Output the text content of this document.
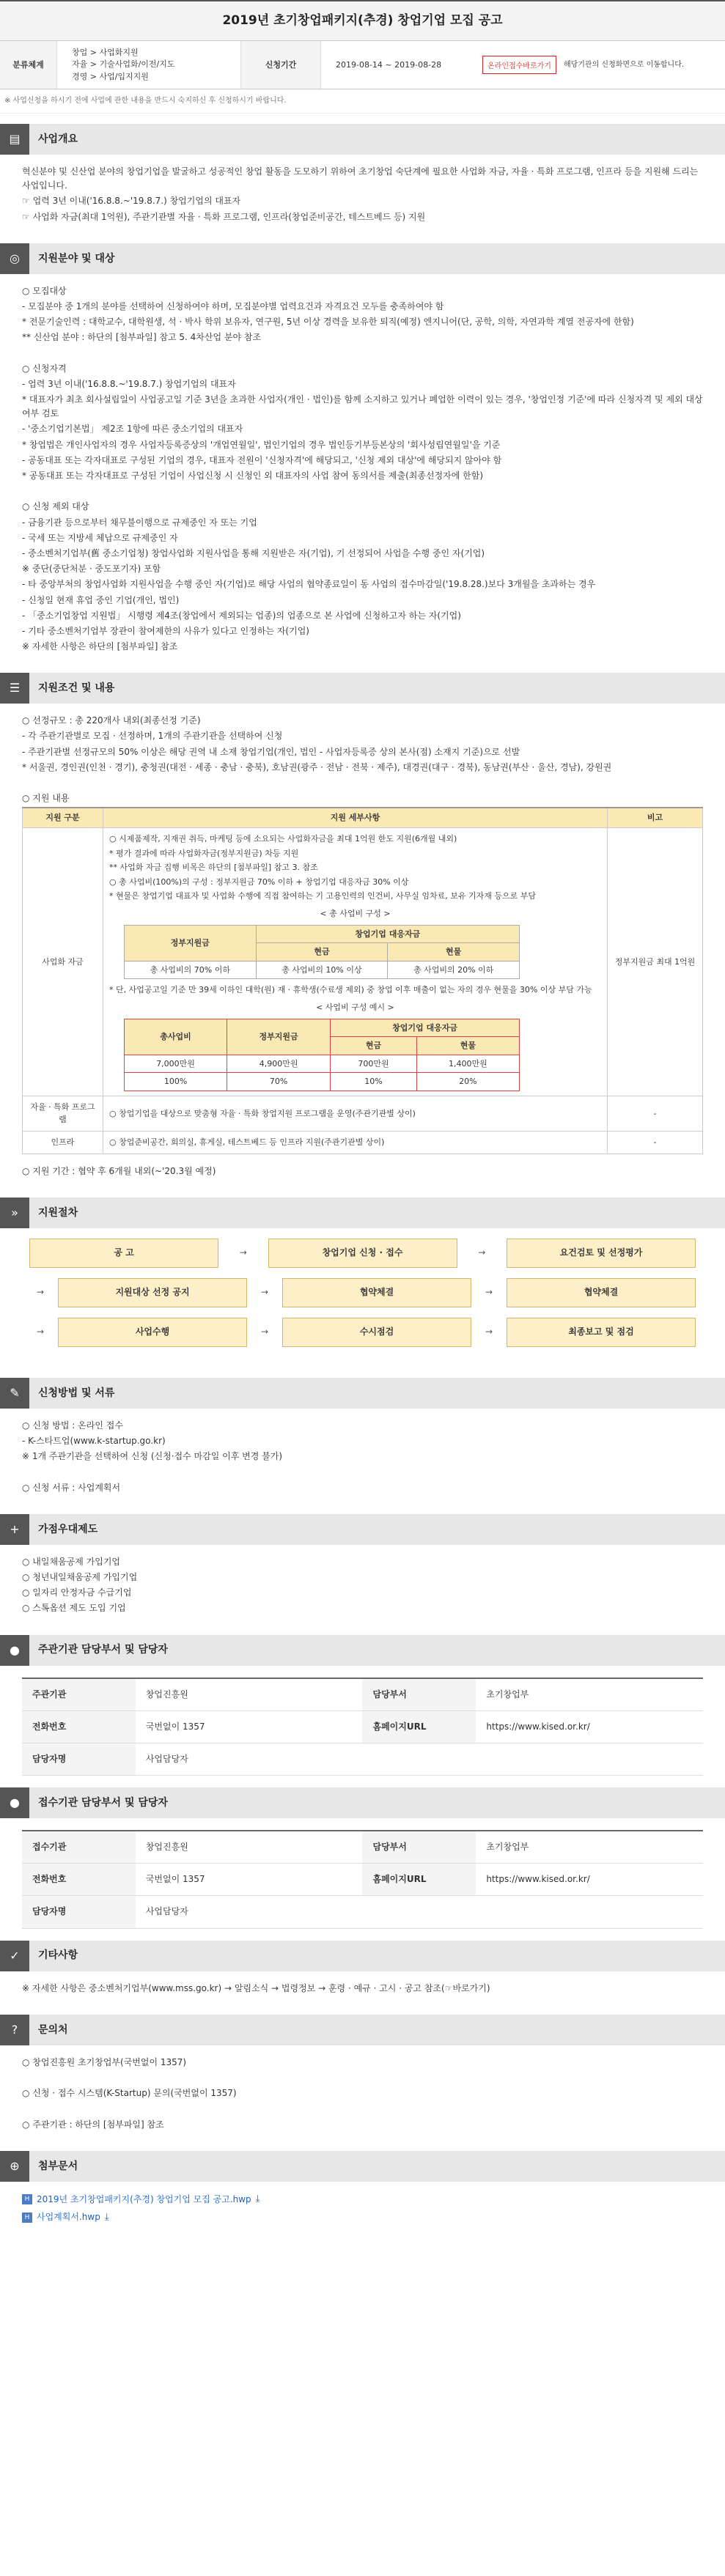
2019년 초기창업패키지(추경) 창업기업 모집 공고
분류체계
창업 > 사업화지원
자율 > 기술사업화/이전/지도
경영 > 사업/입지지원
신청기간	2019-08-14 ~ 2019-08-28	온라인접수바로가기	해당기관의 신청화면으로 이동합니다.
※ 사업신청을 하시기 전에 사업에 관한 내용을 반드시 숙지하신 후 신청하시기 바랍니다.
▤	사업개요

혁신분야 및 신산업 분야의 창업기업을 발굴하고 성공적인 창업 활동을 도모하기 위하여 초기창업 숙단계에 필요한 사업화 자금, 자율 · 특화 프로그램, 인프라 등을 지원해 드리는 사업입니다.

☞ 업력 3년 이내('16.8.8.~'19.8.7.) 창업기업의 대표자

☞ 사업화 자금(최대 1억원), 주관기관별 자율 · 특화 프로그램, 인프라(창업준비공간, 테스트베드 등) 지원

◎	지원분야 및 대상

○ 모집대상

- 모집분야 중 1개의 분야를 선택하여 신청하여야 하며, 모집분야별 업력요건과 자격요건 모두를 충족하여야 함

* 전문기술인력 : 대학교수, 대학원생, 석 · 박사 학위 보유자, 연구원, 5년 이상 경력을 보유한 퇴직(예정) 엔지니어(단, 공학, 의학, 자연과학 계열 전공자에 한함)

** 신산업 분야 : 하단의 [첨부파일] 참고 5. 4차산업 분야 참조

○ 신청자격

- 업력 3년 이내('16.8.8.~'19.8.7.) 창업기업의 대표자

* 대표자가 최초 회사설립일이 사업공고일 기준 3년을 초과한 사업자(개인 · 법인)를 함께 소지하고 있거나 폐업한 이력이 있는 경우, '창업인정 기준'에 따라 신청자격 및 제외 대상 여부 검토

- '중소기업기본법」 제2조 1항에 따른 중소기업의 대표자

* 창업법은 개인사업자의 경우 사업자등록증상의 '개업연월일', 법인기업의 경우 법인등기부등본상의 '회사성립연월일'을 기준

- 공동대표 또는 각자대표로 구성된 기업의 경우, 대표자 전원이 '신청자격'에 해당되고, '신청 제외 대상'에 해당되지 않아야 함

* 공동대표 또는 각자대표로 구성된 기업이 사업신청 시 신청인 외 대표자의 사업 참여 동의서를 제출(최종선정자에 한함)

○ 신청 제외 대상

- 금융기관 등으로부터 채무불이행으로 규제중인 자 또는 기업

- 국세 또는 지방세 체납으로 규제중인 자

- 중소벤처기업부(舊 중소기업청) 창업사업화 지원사업을 통해 지원받은 자(기업), 기 선정되어 사업을 수행 중인 자(기업)

※ 중단(중단처분 · 중도포기자) 포함

- 타 중앙부처의 창업사업화 지원사업을 수행 중인 자(기업)로 해당 사업의 협약종료일이 동 사업의 접수마감일('19.8.28.)보다 3개월을 초과하는 경우

- 신청일 현재 휴업 중인 기업(개인, 법인)

- 「중소기업창업 지원법」 시행령 제4조(창업에서 제외되는 업종)의 업종으로 본 사업에 신청하고자 하는 자(기업)

- 기타 중소벤처기업부 장관이 참여제한의 사유가 있다고 인정하는 자(기업)

※ 자세한 사항은 하단의 [첨부파일] 참조

☰	지원조건 및 내용

○ 선정규모 : 총 220개사 내외(최종선정 기준)

- 각 주관기관별로 모집 · 선정하며, 1개의 주관기관을 선택하여 신청

- 주관기관별 선정규모의 50% 이상은 해당 권역 내 소재 창업기업(개인, 법인 - 사업자등록증 상의 본사(점) 소재지 기준)으로 선발

* 서울권, 경인권(인천 · 경기), 충청권(대전 · 세종 · 충남 · 충북), 호남권(광주 · 전남 · 전북 · 제주), 대경권(대구 · 경북), 동남권(부산 · 울산, 경남), 강원권

○ 지원 내용

지원 구분	지원 세부사항	비고
사업화 자금	

○ 시제품제작, 지재권 취득, 마케팅 등에 소요되는 사업화자금을 최대 1억원 한도 지원(6개월 내외)

* 평가 결과에 따라 사업화자금(정부지원금) 차등 지원

** 사업화 자금 집행 비목은 하단의 [첨부파일] 참고 3. 참조

○ 총 사업비(100%)의 구성 : 정부지원금 70% 이하 + 창업기업 대응자금 30% 이상

* 현물은 창업기업 대표자 및 사업화 수행에 직접 참여하는 기 고용인력의 인건비, 사무실 임차료, 보유 기자재 등으로 부담

< 총 사업비 구성 >
정부지원금	창업기업 대응자금
현금	현물
총 사업비의 70% 이하	총 사업비의 10% 이상	총 사업비의 20% 이하
* 단, 사업공고일 기준 만 39세 이하인 대학(원) 재 · 휴학생(수료생 제외) 중 창업 이후 매출이 없는 자의 경우 현물을 30% 이상 부담 가능
< 사업비 구성 예시 >
총사업비	정부지원금	창업기업 대응자금
현금	현물
7,000만원	4,900만원	700만원	1,400만원
100%	70%	10%	20%
	정부지원금 최대 1억원
자율 · 특화 프로그램	○ 창업기업을 대상으로 맞춤형 자율 · 특화 창업지원 프로그램을 운영(주관기관별 상이)	-
인프라	○ 창업준비공간, 회의실, 휴게실, 테스트베드 등 인프라 지원(주관기관별 상이)	-

○ 지원 기간 : 협약 후 6개월 내외(~'20.3월 예정)

»	지원절차
공 고	→	창업기업 신청 · 접수	→	요건검토 및 선정평가
→	지원대상 선정 공지	→	협약체결	→	협약체결
→	사업수행	→	수시점검	→	최종보고 및 점검
✎	신청방법 및 서류

○ 신청 방법 : 온라인 접수

- K-스타트업(www.k-startup.go.kr)

※ 1개 주관기관을 선택하여 신청 (신청·접수 마감일 이후 변경 불가)

○ 신청 서류 : 사업계획서

+	가점우대제도

○ 내일채움공제 가입기업

○ 청년내일채움공제 가입기업

○ 일자리 안정자금 수급기업

○ 스톡옵션 제도 도입 기업

●	주관기관 담당부서 및 담당자
주관기관	창업진흥원	담당부서	초기창업부
전화번호	국번없이 1357	홈페이지URL	https://www.kised.or.kr/
담당자명	사업담당자		
●	접수기관 담당부서 및 담당자
접수기관	창업진흥원	담당부서	초기창업부
전화번호	국번없이 1357	홈페이지URL	https://www.kised.or.kr/
담당자명	사업담당자		
✓	기타사항

※ 자세한 사항은 중소벤처기업부(www.mss.go.kr) → 알림소식 → 법령정보 → 훈령 · 예규 · 고시 · 공고 참조(☞바로가기)

?	문의처

○ 창업진흥원 초기창업부(국번없이 1357)

○ 신청 · 접수 시스템(K-Startup) 문의(국번없이 1357)

○ 주관기관 : 하단의 [첨부파일] 참조

⊕	첨부문서
H 2019년 초기창업패키지(추경) 창업기업 모집 공고.hwp ⤓
H 사업계획서.hwp ⤓
